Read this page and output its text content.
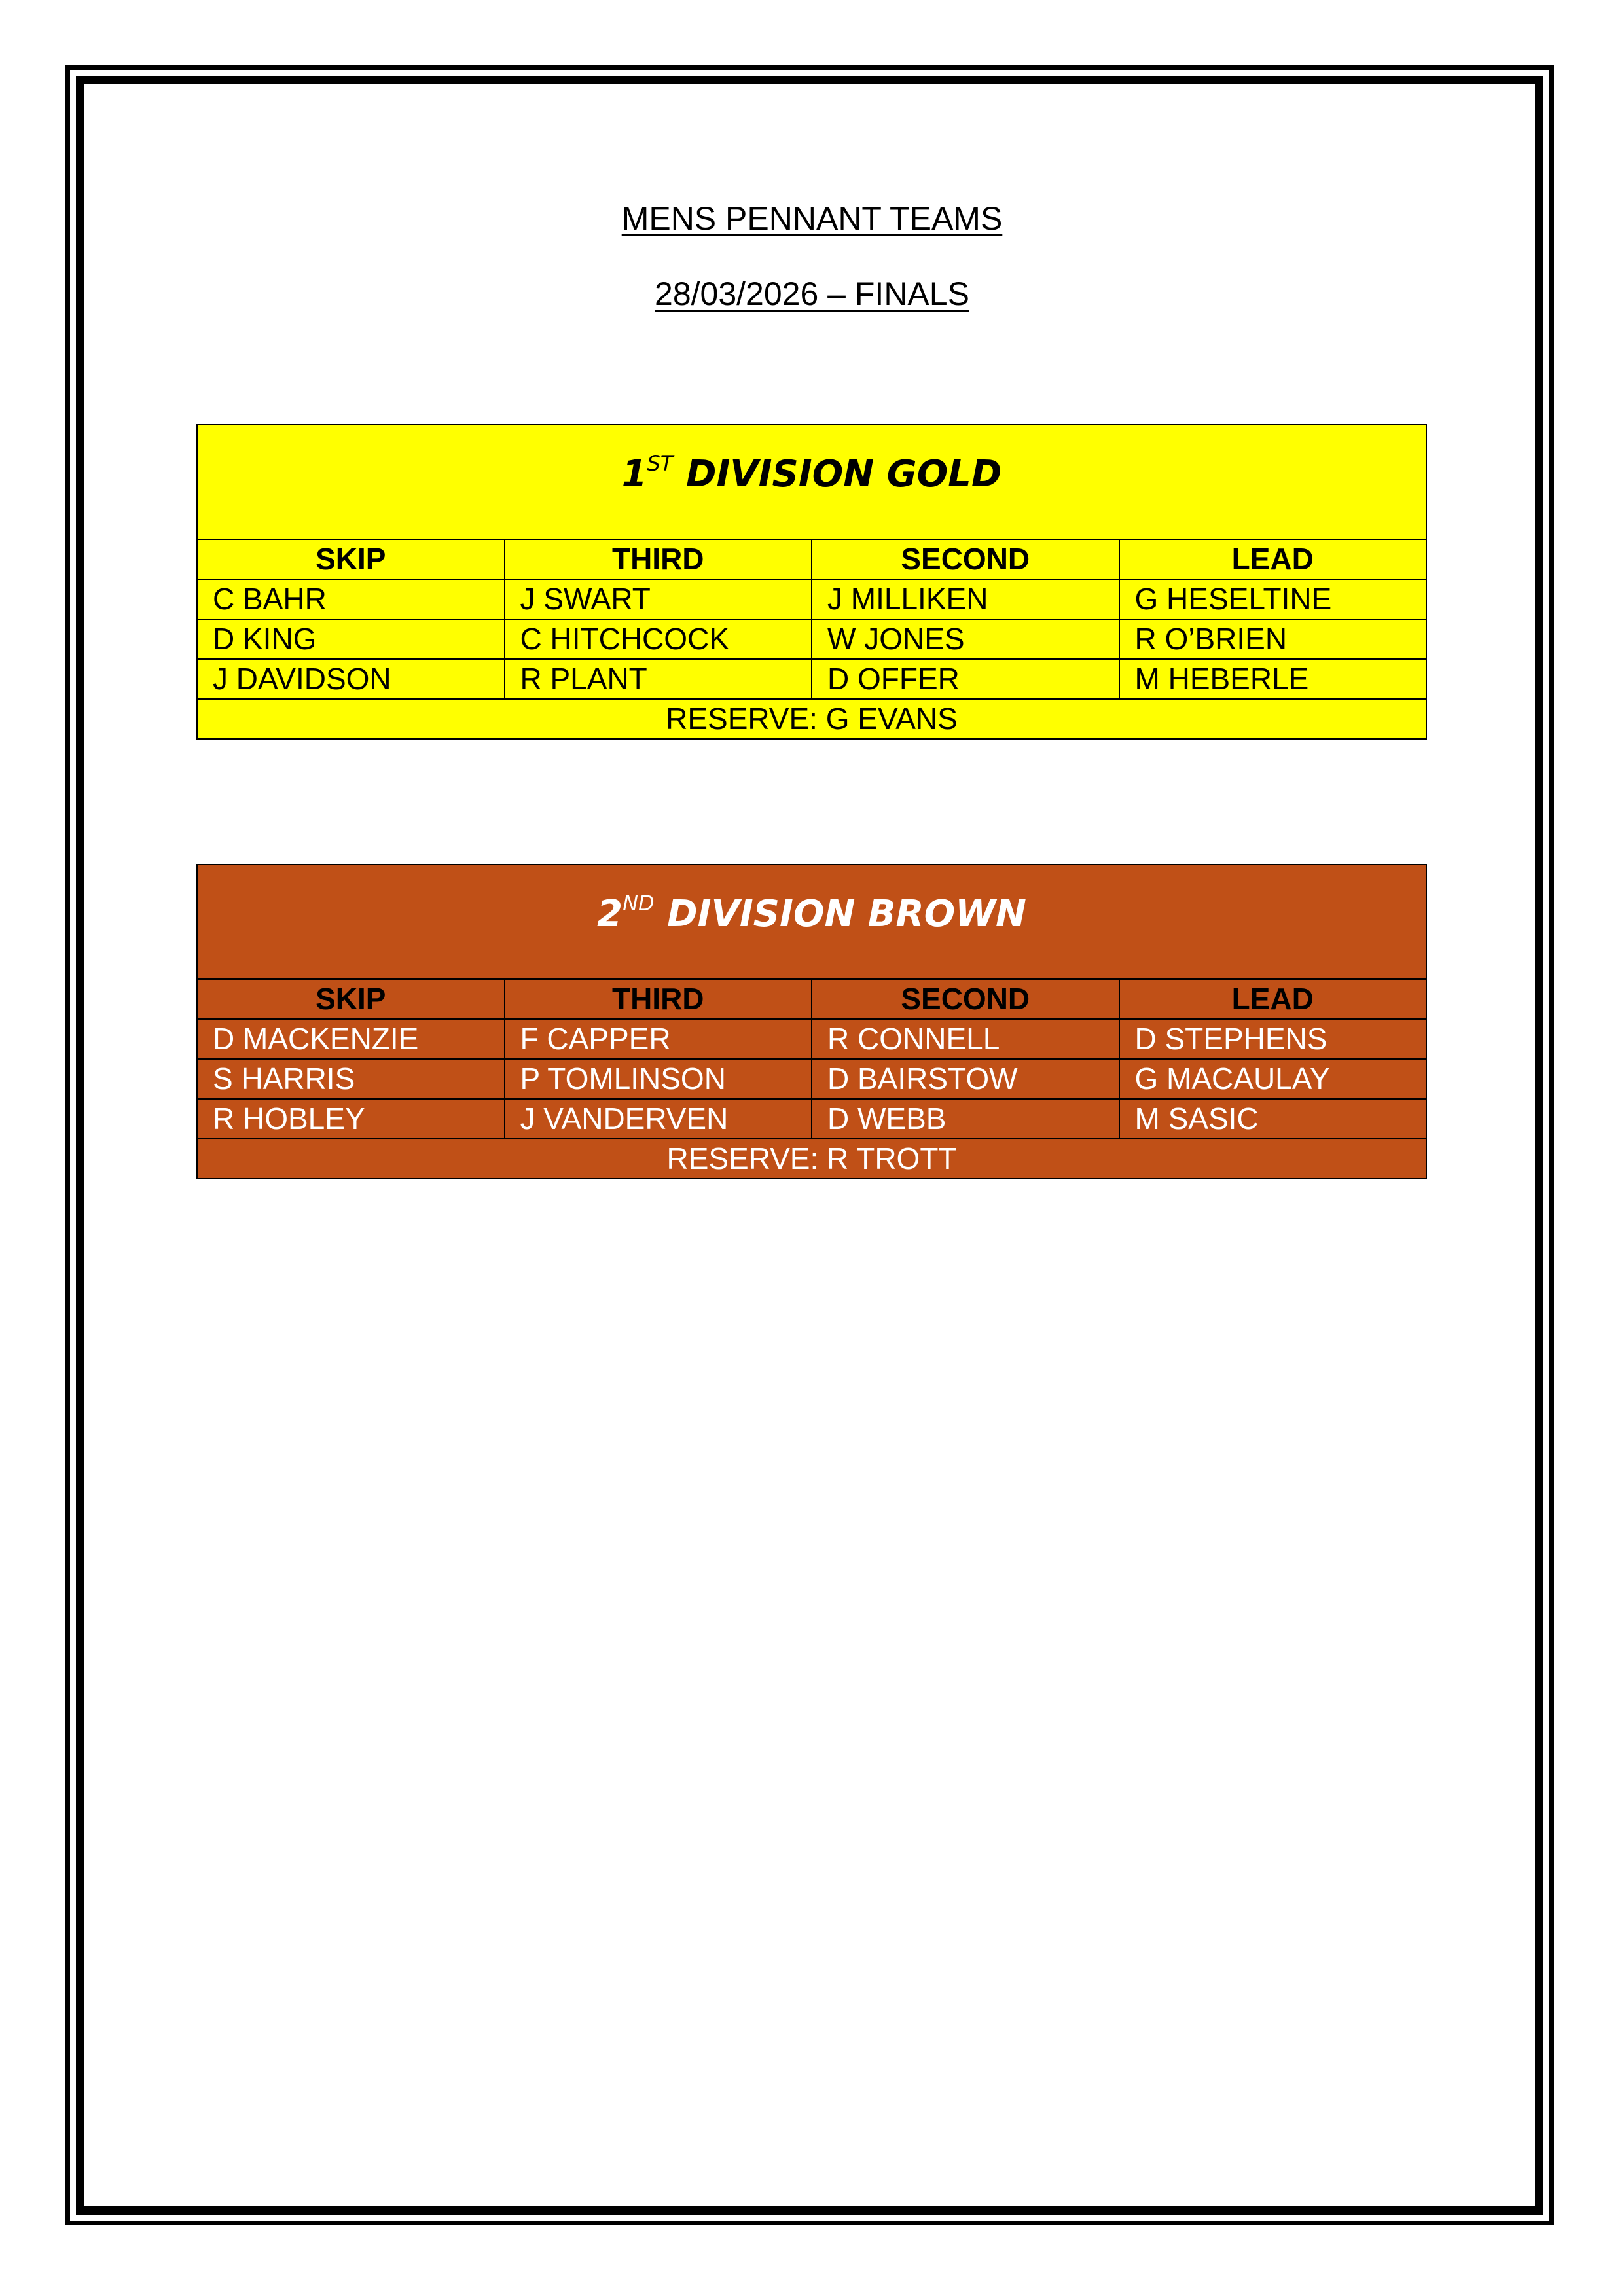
MENS PENNANT TEAMS
28/03/2026 – FINALS
1ST DIVISION GOLD			
SKIP	THIRD	SECOND	LEAD
C BAHR	J SWART	J MILLIKEN	G HESELTINE
D KING	C HITCHCOCK	W JONES	R O’BRIEN
J DAVIDSON	R PLANT	D OFFER	M HEBERLE
RESERVE: G EVANS			
2ND DIVISION BROWN			
SKIP	THIRD	SECOND	LEAD
D MACKENZIE	F CAPPER	R CONNELL	D STEPHENS
S HARRIS	P TOMLINSON	D BAIRSTOW	G MACAULAY
R HOBLEY	J VANDERVEN	D WEBB	M SASIC
RESERVE: R TROTT			
